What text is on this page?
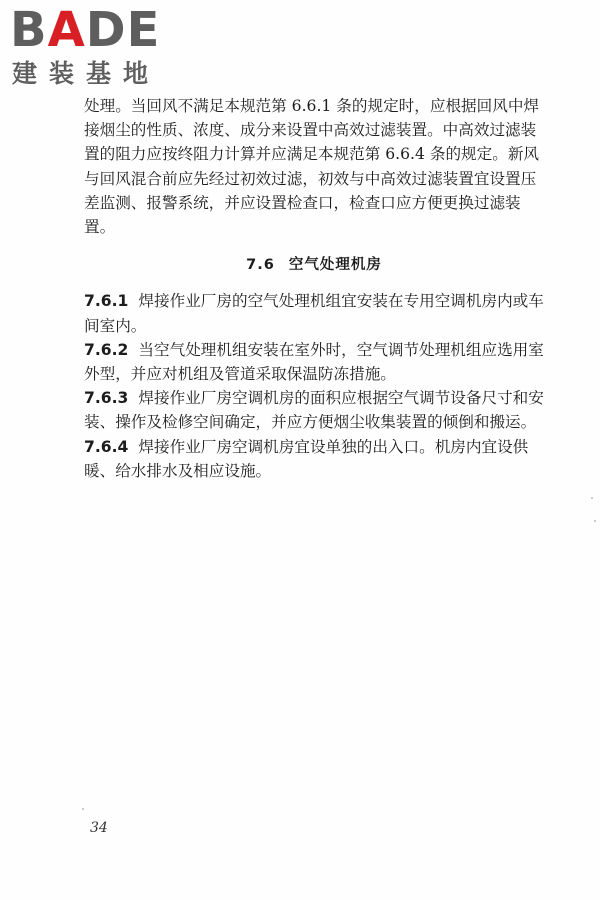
BADE
建装基地

处理。当回风不满足本规范第 6.6.1 条的规定时，应根据回风中焊接烟尘的性质、浓度、成分来设置中高效过滤装置。中高效过滤装置的阻力应按终阻力计算并应满足本规范第 6.6.4 条的规定。新风与回风混合前应先经过初效过滤，初效与中高效过滤装置宜设置压差监测、报警系统，并应设置检查口，检查口应方便更换过滤装置。

7.6 空气处理机房

7.6.1 焊接作业厂房的空气处理机组宜安装在专用空调机房内或车间室内。

7.6.2 当空气处理机组安装在室外时，空气调节处理机组应选用室外型，并应对机组及管道采取保温防冻措施。

7.6.3 焊接作业厂房空调机房的面积应根据空气调节设备尺寸和安装、操作及检修空间确定，并应方便烟尘收集装置的倾倒和搬运。

7.6.4 焊接作业厂房空调机房宜设单独的出入口。机房内宜设供暖、给水排水及相应设施。

34
